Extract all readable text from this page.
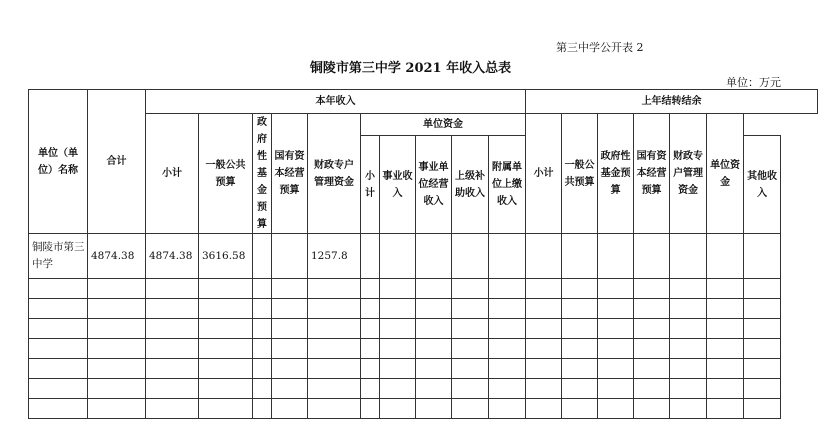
第三中学公开表 2
铜陵市第三中学 2021 年收入总表
单位：万元
单位（单位）名称	合计	本年收入										上年结转结余						
		小计	一般公共预算	政府性基金预算	国有资本经营预算	财政专户管理资金	单位资金					小计	一般公共预算	政府性基金预算	国有资本经营预算	财政专户管理资金	单位资金	

							小计	事业收入	事业单位经营收入	上级补助收入	附属单位上缴收入							其他收入

铜陵市第三中学	4874.38	4874.38	3616.58			1257.8												
